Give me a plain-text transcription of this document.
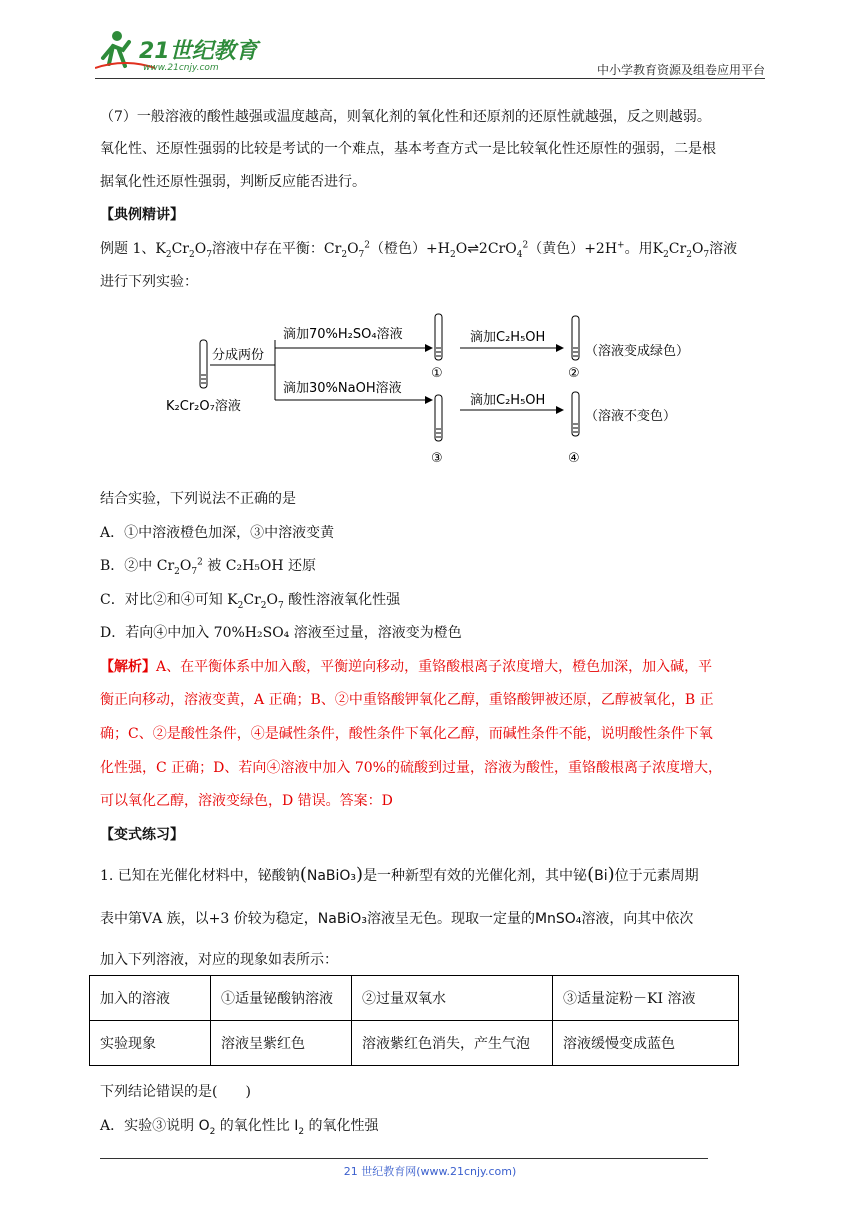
21世纪教育
www.21cnjy.com	中小学教育资源及组卷应用平台
（7）一般溶液的酸性越强或温度越高，则氧化剂的氧化性和还原剂的还原性就越强，反之则越弱。
氧化性、还原性强弱的比较是考试的一个难点，基本考查方式一是比较氧化性还原性的强弱，二是根
据氧化性还原性强弱，判断反应能否进行。
【典例精讲】
例题 1、$K_2Cr_2O_7$溶液中存在平衡：$Cr_2O_7^2$（橙色）$+H_2O\rightleftharpoons 2CrO_4^2$（黄色）+2H+。用$K_2Cr_2O_7$溶液
进行下列实验：
K₂Cr₂O₇溶液
分成两份
滴加70%H₂SO₄溶液
滴加30%NaOH溶液
①
③
滴加C₂H₅OH
滴加C₂H₅OH
②
（溶液变成绿色）
④
（溶液不变色）
结合实验，下列说法不正确的是
A．①中溶液橙色加深，③中溶液变黄
B．②中 $Cr_2O_7^2$ 被 C₂H₅OH 还原
C．对比②和④可知 $K_2Cr_2O_7$ 酸性溶液氧化性强
D．若向④中加入 70%H₂SO₄ 溶液至过量，溶液变为橙色
【解析】A、在平衡体系中加入酸，平衡逆向移动，重铬酸根离子浓度增大，橙色加深，加入碱，平
衡正向移动，溶液变黄，A 正确；B、②中重铬酸钾氧化乙醇，重铬酸钾被还原，乙醇被氧化，B 正
确；C、②是酸性条件，④是碱性条件，酸性条件下氧化乙醇，而碱性条件不能，说明酸性条件下氧
化性强，C 正确；D、若向④溶液中加入 70%的硫酸到过量，溶液为酸性，重铬酸根离子浓度增大，
可以氧化乙醇，溶液变绿色，D 错误。答案：D
【变式练习】
1. 已知在光催化材料中，铋酸钠(NaBiO₃)是一种新型有效的光催化剂，其中铋(Bi)位于元素周期
表中第ⅤA 族，以+3 价较为稳定，NaBiO₃溶液呈无色。现取一定量的MnSO₄溶液，向其中依次
加入下列溶液，对应的现象如表所示：
加入的溶液	①适量铋酸钠溶液	②过量双氧水	③适量淀粉－KI 溶液
实验现象	溶液呈紫红色	溶液紫红色消失，产生气泡	溶液缓慢变成蓝色
下列结论错误的是(　　)
A．实验③说明 $O_2$ 的氧化性比 $I_2$ 的氧化性强
21 世纪教育网(www.21cnjy.com)
